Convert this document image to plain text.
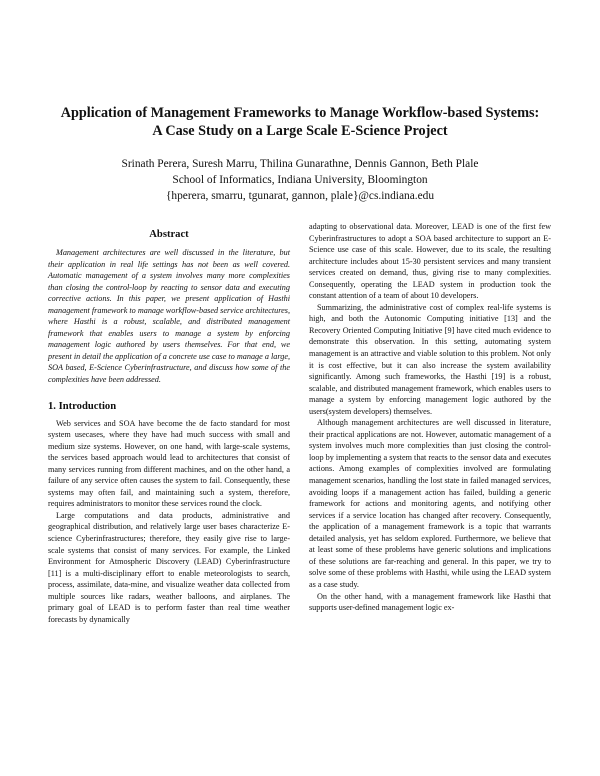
Application of Management Frameworks to Manage Workflow-based Systems:
A Case Study on a Large Scale E-Science Project
Srinath Perera, Suresh Marru, Thilina Gunarathne, Dennis Gannon, Beth Plale
School of Informatics, Indiana University, Bloomington
{hperera, smarru, tgunarat, gannon, plale}@cs.indiana.edu
Abstract

Management architectures are well discussed in the literature, but their application in real life settings has not been as well covered. Automatic management of a system involves many more complexities than closing the control-loop by reacting to sensor data and executing corrective actions. In this paper, we present application of Hasthi management framework to manage workflow-based service architectures, where Hasthi is a robust, scalable, and distributed management framework that enables users to manage a system by enforcing management logic authored by users themselves. For that end, we present in detail the application of a concrete use case to manage a large, SOA based, E-Science Cyberinfrastructure, and discuss how some of the complexities have been addressed.

1. Introduction

Web services and SOA have become the de facto standard for most system usecases, where they have had much success with small and medium size systems. However, on one hand, with large-scale systems, the services based approach would lead to architectures that consist of many services running from different machines, and on the other hand, a failure of any service often causes the system to fail. Consequently, these systems may often fail, and maintaining such a system, therefore, requires administrators to monitor these services round the clock.

Large computations and data products, administrative and geographical distribution, and relatively large user bases characterize E-science Cyberinfrastructures; therefore, they easily give rise to large-scale systems that consist of many services. For example, the Linked Environment for Atmospheric Discovery (LEAD) Cyberinfrastructure [11] is a multi-disciplinary effort to enable meteorologists to search, process, assimilate, data-mine, and visualize weather data collected from multiple sources like radars, weather balloons, and airplanes. The primary goal of LEAD is to perform faster than real time weather forecasts by dynamically

adapting to observational data. Moreover, LEAD is one of the first few Cyberinfrastructures to adopt a SOA based architecture to support an E-Science use case of this scale. However, due to its scale, the resulting architecture includes about 15-30 persistent services and many transient services created on demand, thus, giving rise to many complexities. Consequently, operating the LEAD system in production took the constant attention of a team of about 10 developers.

Summarizing, the administrative cost of complex real-life systems is high, and both the Autonomic Computing initiative [13] and the Recovery Oriented Computing Initiative [9] have cited much evidence to demonstrate this observation. In this setting, automating system management is an attractive and viable solution to this problem. Not only it is cost effective, but it can also increase the system availability significantly. Among such frameworks, the Hasthi [19] is a robust, scalable, and distributed management framework, which enables users to manage a system by enforcing management logic authored by the users(system developers) themselves.

Although management architectures are well discussed in literature, their practical applications are not. However, automatic management of a system involves much more complexities than just closing the control-loop by implementing a system that reacts to the sensor data and executes actions. Among examples of complexities involved are formulating management scenarios, handling the lost state in failed managed services, avoiding loops if a management action has failed, building a generic framework for actions and monitoring agents, and notifying other services if a service location has changed after recovery. Consequently, the application of a management framework is a topic that warrants detailed analysis, yet has seldom explored. Furthermore, we believe that at least some of these problems have generic solutions and implications of these solutions are far-reaching and general. In this paper, we try to solve some of these problems with Hasthi, while using the LEAD system as a case study.

On the other hand, with a management framework like Hasthi that supports user-defined management logic ex-
